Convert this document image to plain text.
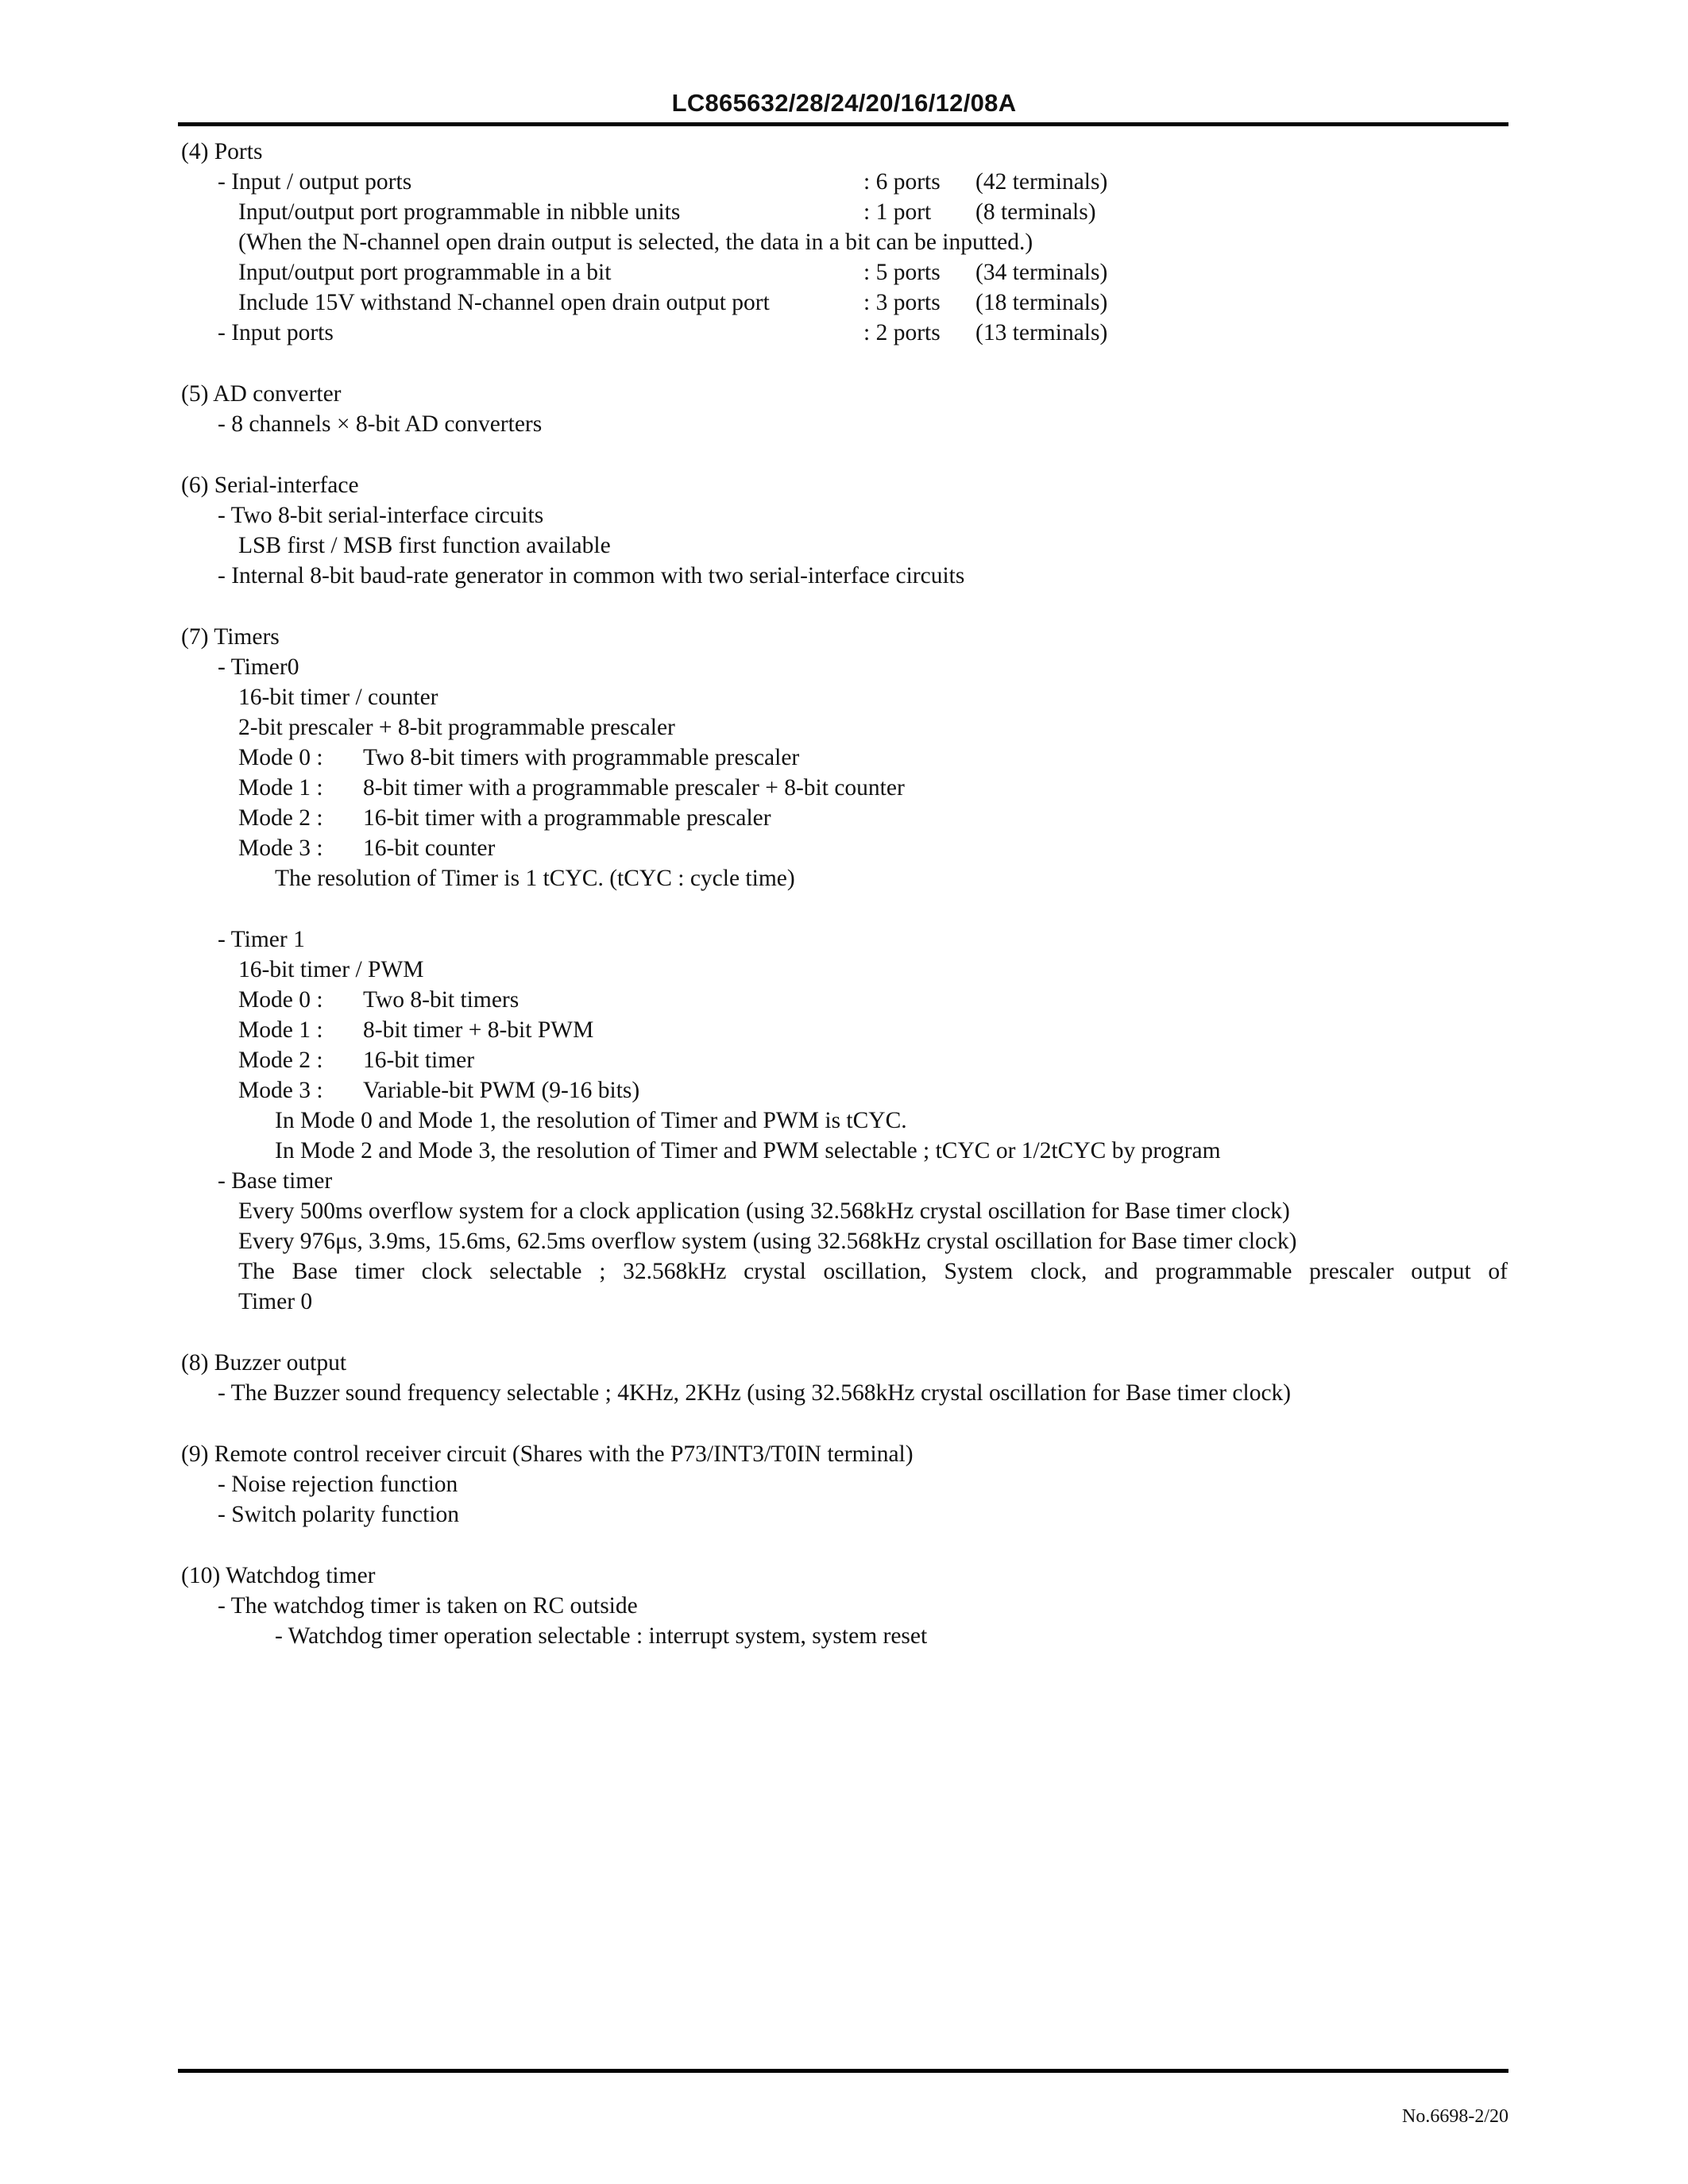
LC865632/28/24/20/16/12/08A
(4) Ports
- Input / output ports	: 6 ports (42 terminals)
Input/output port programmable in nibble units	: 1 port (8 terminals)
(When the N-channel open drain output is selected, the data in a bit can be inputted.)
Input/output port programmable in a bit	: 5 ports (34 terminals)
Include 15V withstand N-channel open drain output port	: 3 ports (18 terminals)
- Input ports	: 2 ports (13 terminals)
(5) AD converter
- 8 channels × 8-bit AD converters
(6) Serial-interface
- Two 8-bit serial-interface circuits
LSB first / MSB first function available
- Internal 8-bit baud-rate generator in common with two serial-interface circuits
(7) Timers
- Timer0
16-bit timer / counter
2-bit prescaler + 8-bit programmable prescaler
Mode 0 : Two 8-bit timers with programmable prescaler
Mode 1 : 8-bit timer with a programmable prescaler + 8-bit counter
Mode 2 : 16-bit timer with a programmable prescaler
Mode 3 : 16-bit counter
The resolution of Timer is 1 tCYC. (tCYC : cycle time)
- Timer 1
16-bit timer / PWM
Mode 0 : Two 8-bit timers
Mode 1 : 8-bit timer + 8-bit PWM
Mode 2 : 16-bit timer
Mode 3 : Variable-bit PWM (9-16 bits)
In Mode 0 and Mode 1, the resolution of Timer and PWM is tCYC.
In Mode 2 and Mode 3, the resolution of Timer and PWM selectable ; tCYC or 1/2tCYC by program
- Base timer
Every 500ms overflow system for a clock application (using 32.568kHz crystal oscillation for Base timer clock)
Every 976μs, 3.9ms, 15.6ms, 62.5ms overflow system (using 32.568kHz crystal oscillation for Base timer clock)
The Base timer clock selectable ; 32.568kHz crystal oscillation, System clock, and programmable prescaler output of
Timer 0
(8) Buzzer output
- The Buzzer sound frequency selectable ; 4KHz, 2KHz (using 32.568kHz crystal oscillation for Base timer clock)
(9) Remote control receiver circuit (Shares with the P73/INT3/T0IN terminal)
- Noise rejection function
- Switch polarity function
(10) Watchdog timer
- The watchdog timer is taken on RC outside
- Watchdog timer operation selectable : interrupt system, system reset
No.6698-2/20
